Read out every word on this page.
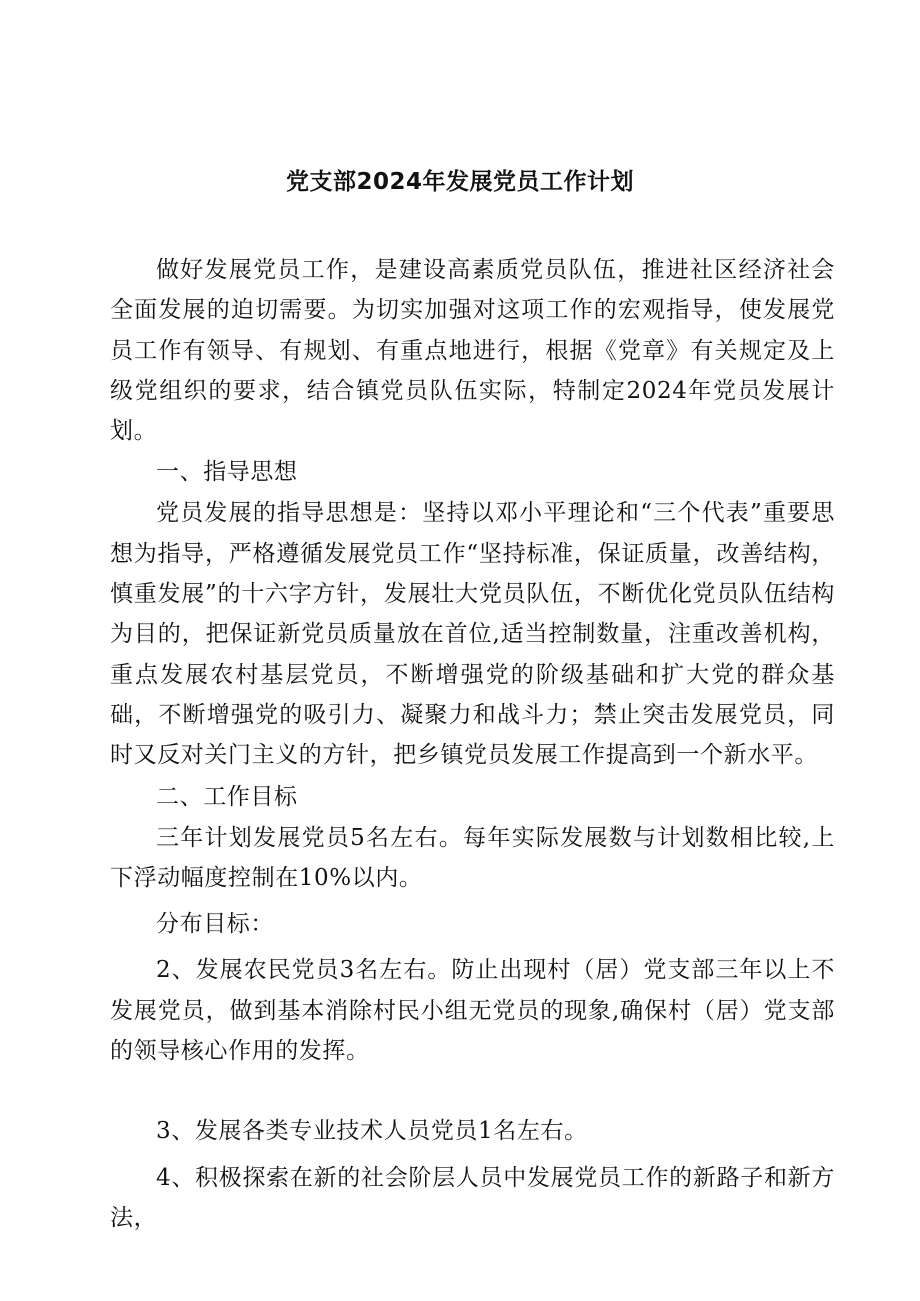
党支部2024年发展党员工作计划

做好发展党员工作，是建设高素质党员队伍，推进社区经济社会全面发展的迫切需要。为切实加强对这项工作的宏观指导，使发展党员工作有领导、有规划、有重点地进行，根据《党章》有关规定及上级党组织的要求，结合镇党员队伍实际，特制定2024年党员发展计划。

一、指导思想

党员发展的指导思想是：坚持以邓小平理论和“三个代表”重要思想为指导，严格遵循发展党员工作“坚持标准，保证质量，改善结构，慎重发展”的十六字方针，发展壮大党员队伍，不断优化党员队伍结构为目的，把保证新党员质量放在首位,适当控制数量，注重改善机构，重点发展农村基层党员，不断增强党的阶级基础和扩大党的群众基础，不断增强党的吸引力、凝聚力和战斗力；禁止突击发展党员，同时又反对关门主义的方针，把乡镇党员发展工作提高到一个新水平。

二、工作目标

三年计划发展党员5名左右。每年实际发展数与计划数相比较,上下浮动幅度控制在10%以内。

分布目标：

2、发展农民党员3名左右。防止出现村（居）党支部三年以上不发展党员，做到基本消除村民小组无党员的现象,确保村（居）党支部的领导核心作用的发挥。

3、发展各类专业技术人员党员1名左右。

4、积极探索在新的社会阶层人员中发展党员工作的新路子和新方法，
